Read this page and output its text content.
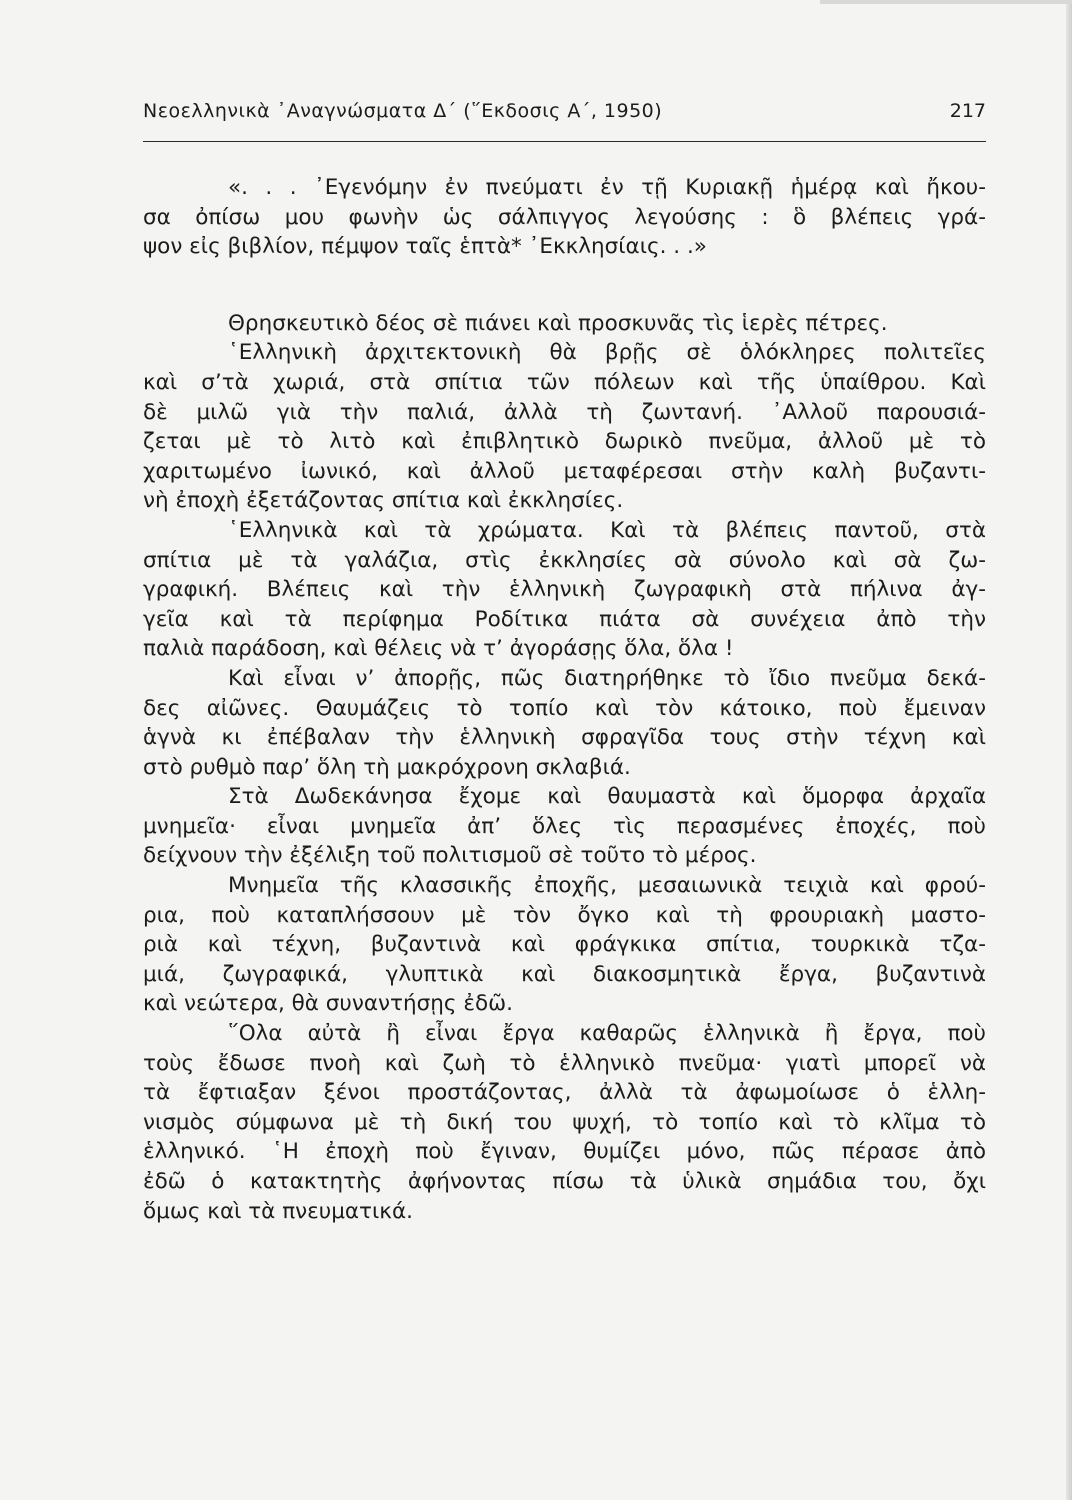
Νεοελληνικὰ ᾿Αναγνώσματα Δ΄ (῞Εκδοσις Α΄, 1950)	217
«. . . ᾿Εγενόμην ἐν πνεύματι ἐν τῇ Κυριακῇ ἡμέρᾳ καὶ ἤκου-
σα ὀπίσω μου φωνὴν ὡς σάλπιγγος λεγούσης : ὃ βλέπεις γρά-
ψον εἰς βιβλίον, πέμψον ταῖς ἑπτὰ* ᾿Εκκλησίαις. . .»
Θρησκευτικὸ δέος σὲ πιάνει καὶ προσκυνᾶς τὶς ἱερὲς πέτρες.
῾Ελληνικὴ ἀρχιτεκτονικὴ θὰ βρῇς σὲ ὁλόκληρες πολιτεῖες
καὶ σ’τὰ χωριά, στὰ σπίτια τῶν πόλεων καὶ τῆς ὑπαίθρου. Καὶ
δὲ μιλῶ γιὰ τὴν παλιά, ἀλλὰ τὴ ζωντανή. ᾿Αλλοῦ παρουσιά-
ζεται μὲ τὸ λιτὸ καὶ ἐπιβλητικὸ δωρικὸ πνεῦμα, ἀλλοῦ μὲ τὸ
χαριτωμένο ἰωνικό, καὶ ἀλλοῦ μεταφέρεσαι στὴν καλὴ βυζαντι-
νὴ ἐποχὴ ἐξετάζοντας σπίτια καὶ ἐκκλησίες.
῾Ελληνικὰ καὶ τὰ χρώματα. Καὶ τὰ βλέπεις παντοῦ, στὰ
σπίτια μὲ τὰ γαλάζια, στὶς ἐκκλησίες σὰ σύνολο καὶ σὰ ζω-
γραφική. Βλέπεις καὶ τὴν ἑλληνικὴ ζωγραφικὴ στὰ πήλινα ἀγ-
γεῖα καὶ τὰ περίφημα Ροδίτικα πιάτα σὰ συνέχεια ἀπὸ τὴν
παλιὰ παράδοση, καὶ θέλεις νὰ τ’ ἀγοράσῃς ὅλα, ὅλα !
Καὶ εἶναι ν’ ἀπορῇς, πῶς διατηρήθηκε τὸ ἴδιο πνεῦμα δεκά-
δες αἰῶνες. Θαυμάζεις τὸ τοπίο καὶ τὸν κάτοικο, ποὺ ἔμειναν
ἁγνὰ κι ἐπέβαλαν τὴν ἑλληνικὴ σφραγῖδα τους στὴν τέχνη καὶ
στὸ ρυθμὸ παρ’ ὅλη τὴ μακρόχρονη σκλαβιά.
Στὰ Δωδεκάνησα ἔχομε καὶ θαυμαστὰ καὶ ὅμορφα ἀρχαῖα
μνημεῖα· εἶναι μνημεῖα ἀπ’ ὅλες τὶς περασμένες ἐποχές, ποὺ
δείχνουν τὴν ἐξέλιξη τοῦ πολιτισμοῦ σὲ τοῦτο τὸ μέρος.
Μνημεῖα τῆς κλασσικῆς ἐποχῆς, μεσαιωνικὰ τειχιὰ καὶ φρού-
ρια, ποὺ καταπλήσσουν μὲ τὸν ὄγκο καὶ τὴ φρουριακὴ μαστο-
ριὰ καὶ τέχνη, βυζαντινὰ καὶ φράγκικα σπίτια, τουρκικὰ τζα-
μιά, ζωγραφικά, γλυπτικὰ καὶ διακοσμητικὰ ἔργα, βυζαντινὰ
καὶ νεώτερα, θὰ συναντήσῃς ἐδῶ.
῞Ολα αὐτὰ ἢ εἶναι ἔργα καθαρῶς ἑλληνικὰ ἢ ἔργα, ποὺ
τοὺς ἔδωσε πνοὴ καὶ ζωὴ τὸ ἑλληνικὸ πνεῦμα· γιατὶ μπορεῖ νὰ
τὰ ἔφτιαξαν ξένοι προστάζοντας, ἀλλὰ τὰ ἀφωμοίωσε ὁ ἑλλη-
νισμὸς σύμφωνα μὲ τὴ δική του ψυχή, τὸ τοπίο καὶ τὸ κλῖμα τὸ
ἑλληνικό. ῾Η ἐποχὴ ποὺ ἔγιναν, θυμίζει μόνο, πῶς πέρασε ἀπὸ
ἐδῶ ὁ κατακτητὴς ἀφήνοντας πίσω τὰ ὑλικὰ σημάδια του, ὄχι
ὅμως καὶ τὰ πνευματικά.
